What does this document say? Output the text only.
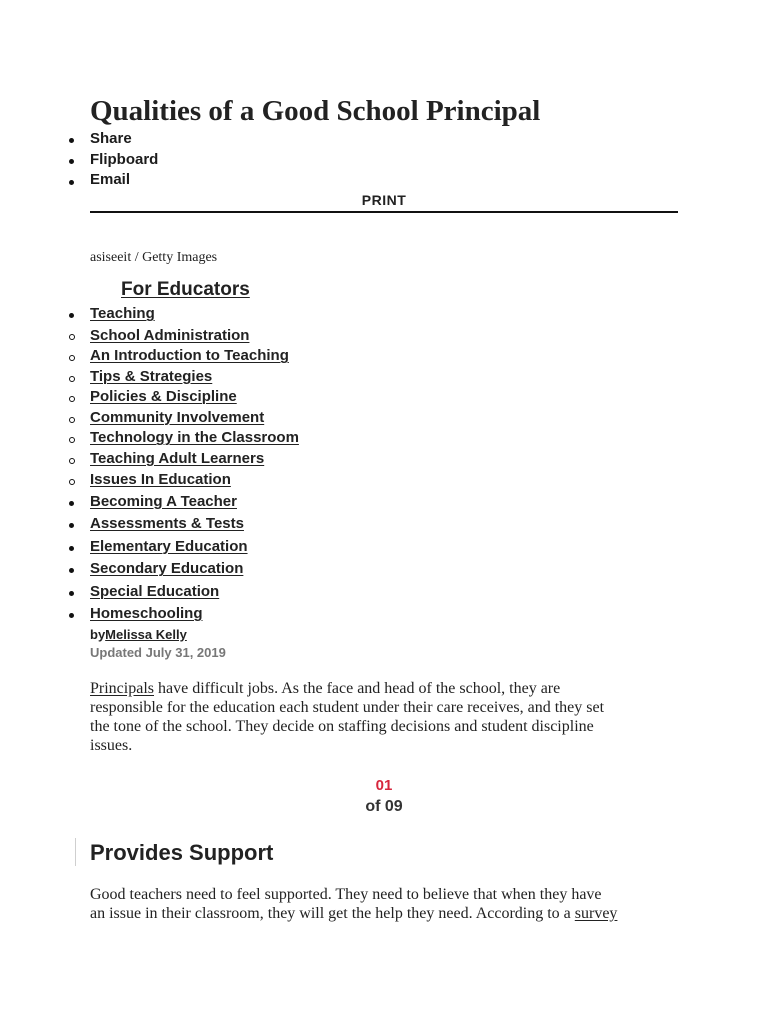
Qualities of a Good School Principal
Share
Flipboard
Email
PRINT
asiseeit / Getty Images
For Educators
Teaching
School Administration
An Introduction to Teaching
Tips & Strategies
Policies & Discipline
Community Involvement
Technology in the Classroom
Teaching Adult Learners
Issues In Education
Becoming A Teacher
Assessments & Tests
Elementary Education
Secondary Education
Special Education
Homeschooling
byMelissa Kelly
Updated July 31, 2019

Principals have difficult jobs. As the face and head of the school, they are
responsible for the education each student under their care receives, and they set
the tone of the school. They decide on staffing decisions and student discipline
issues.

01
of 09
Provides Support

Good teachers need to feel supported. They need to believe that when they have
an issue in their classroom, they will get the help they need. According to a survey
